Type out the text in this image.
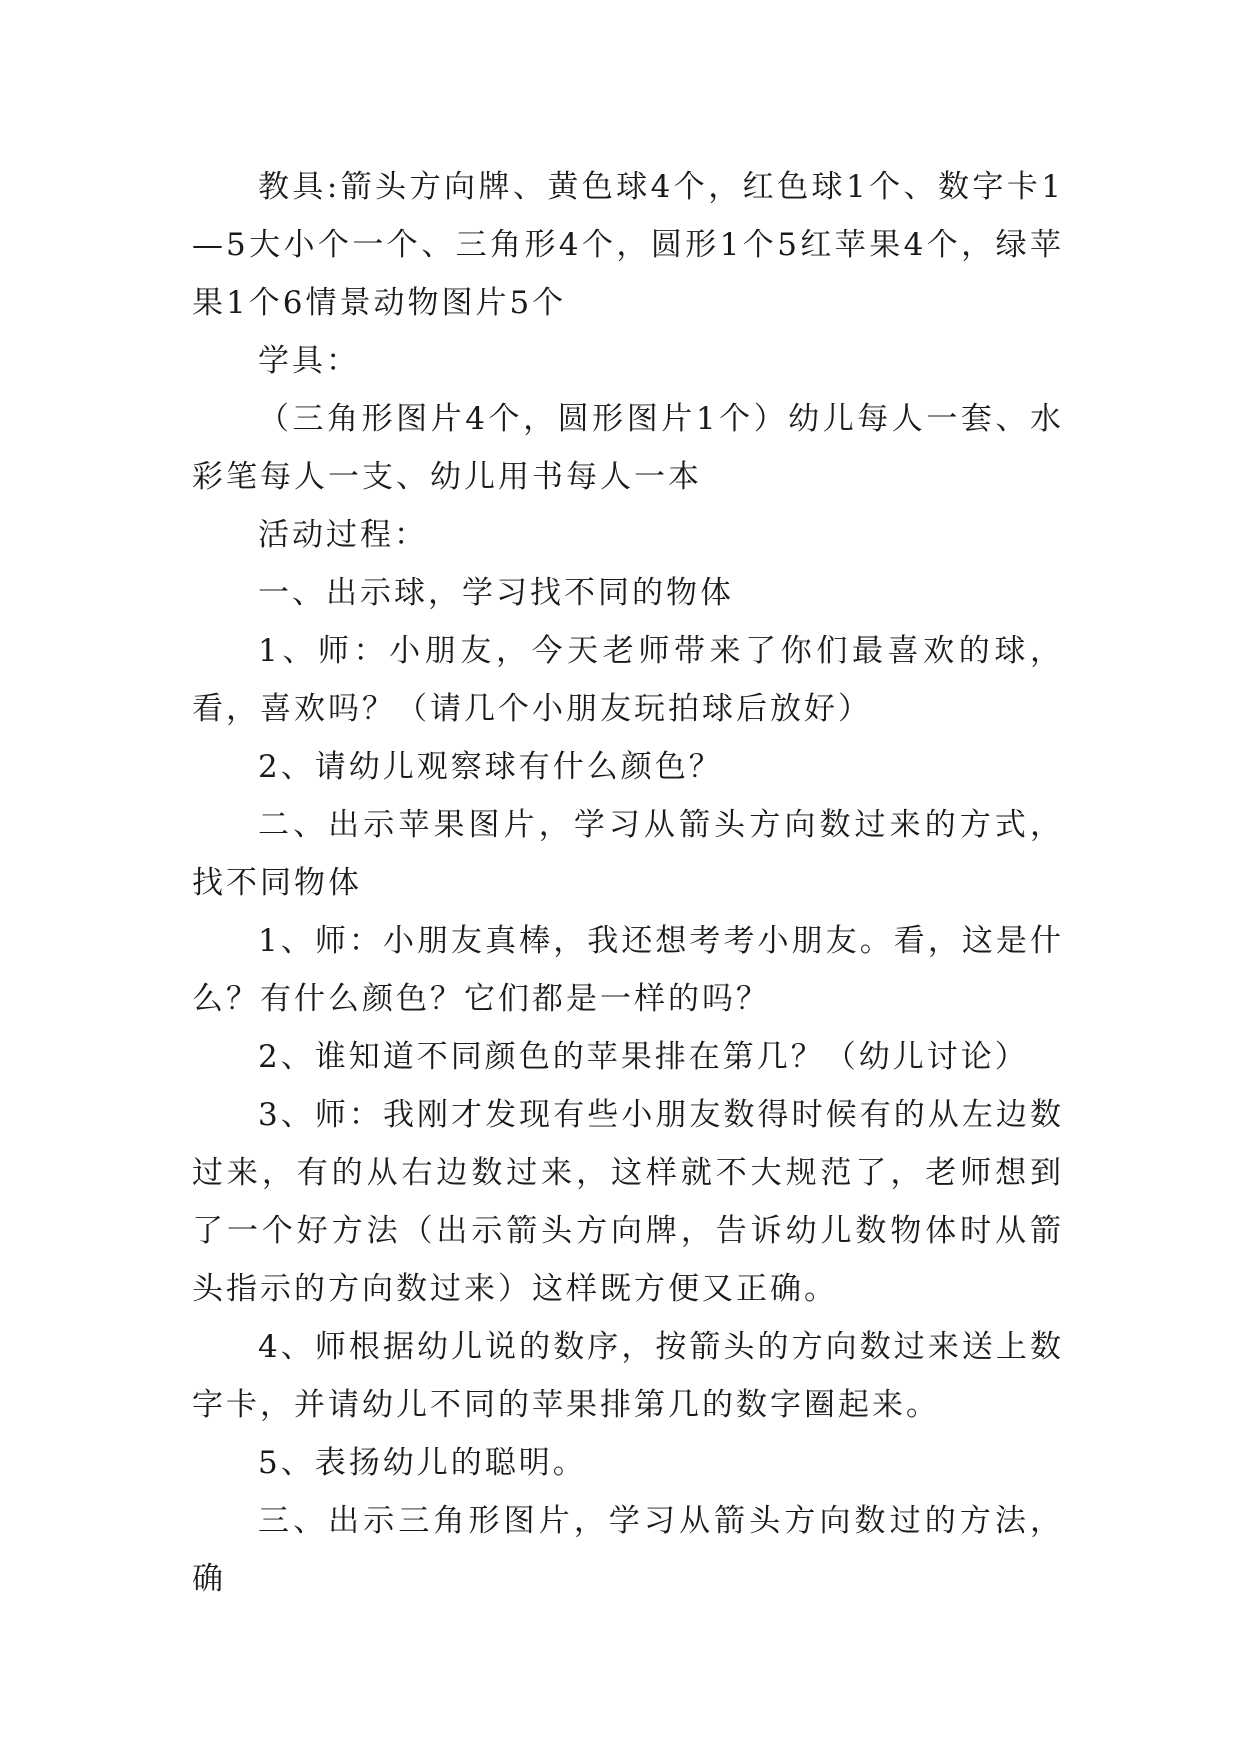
教具:箭头方向牌、黄色球4个，红色球1个、数字卡1—5大小个一个、三角形4个，圆形1个5红苹果4个，绿苹果1个6情景动物图片5个

学具：

（三角形图片4个，圆形图片1个）幼儿每人一套、水彩笔每人一支、幼儿用书每人一本

活动过程：

一、出示球，学习找不同的物体

1、师：小朋友，今天老师带来了你们最喜欢的球，看，喜欢吗？（请几个小朋友玩拍球后放好）

2、请幼儿观察球有什么颜色？

二、出示苹果图片，学习从箭头方向数过来的方式，找不同物体

1、师：小朋友真棒，我还想考考小朋友。看，这是什么？有什么颜色？它们都是一样的吗？

2、谁知道不同颜色的苹果排在第几？（幼儿讨论）

3、师：我刚才发现有些小朋友数得时候有的从左边数过来，有的从右边数过来，这样就不大规范了，老师想到了一个好方法（出示箭头方向牌，告诉幼儿数物体时从箭头指示的方向数过来）这样既方便又正确。

4、师根据幼儿说的数序，按箭头的方向数过来送上数字卡，并请幼儿不同的苹果排第几的数字圈起来。

5、表扬幼儿的聪明。

三、出示三角形图片，学习从箭头方向数过的方法，确
